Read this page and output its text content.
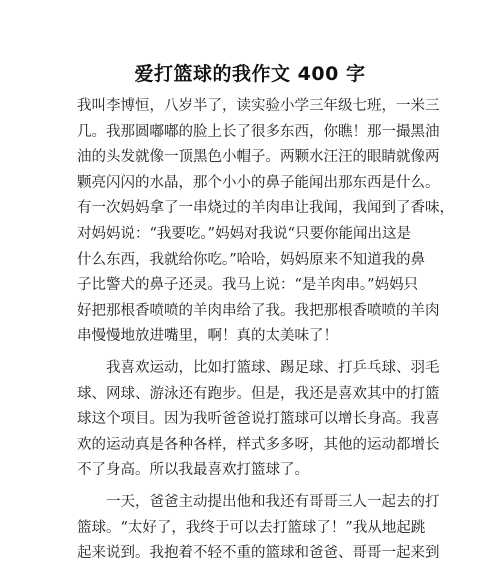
爱打篮球的我作文 400 字
我叫李博恒，八岁半了，读实验小学三年级七班，一米三
几。我那圆嘟嘟的脸上长了很多东西，你瞧！那一撮黑油
油的头发就像一顶黑色小帽子。两颗水汪汪的眼睛就像两
颗亮闪闪的水晶，那个小小的鼻子能闻出那东西是什么。
有一次妈妈拿了一串烧过的羊肉串让我闻，我闻到了香味，
对妈妈说：“我要吃。”妈妈对我说“只要你能闻出这是
什么东西，我就给你吃。”哈哈，妈妈原来不知道我的鼻
子比警犬的鼻子还灵。我马上说：“是羊肉串。”妈妈只
好把那根香喷喷的羊肉串给了我。我把那根香喷喷的羊肉
串慢慢地放进嘴里，啊！真的太美味了！
我喜欢运动，比如打篮球、踢足球、打乒乓球、羽毛
球、网球、游泳还有跑步。但是，我还是喜欢其中的打篮
球这个项目。因为我听爸爸说打篮球可以增长身高。我喜
欢的运动真是各种各样，样式多多呀，其他的运动都增长
不了身高。所以我最喜欢打篮球了。
一天，爸爸主动提出他和我还有哥哥三人一起去的打
篮球。“太好了，我终于可以去打篮球了！”我从地起跳
起来说到。我抱着不轻不重的篮球和爸爸、哥哥一起来到
